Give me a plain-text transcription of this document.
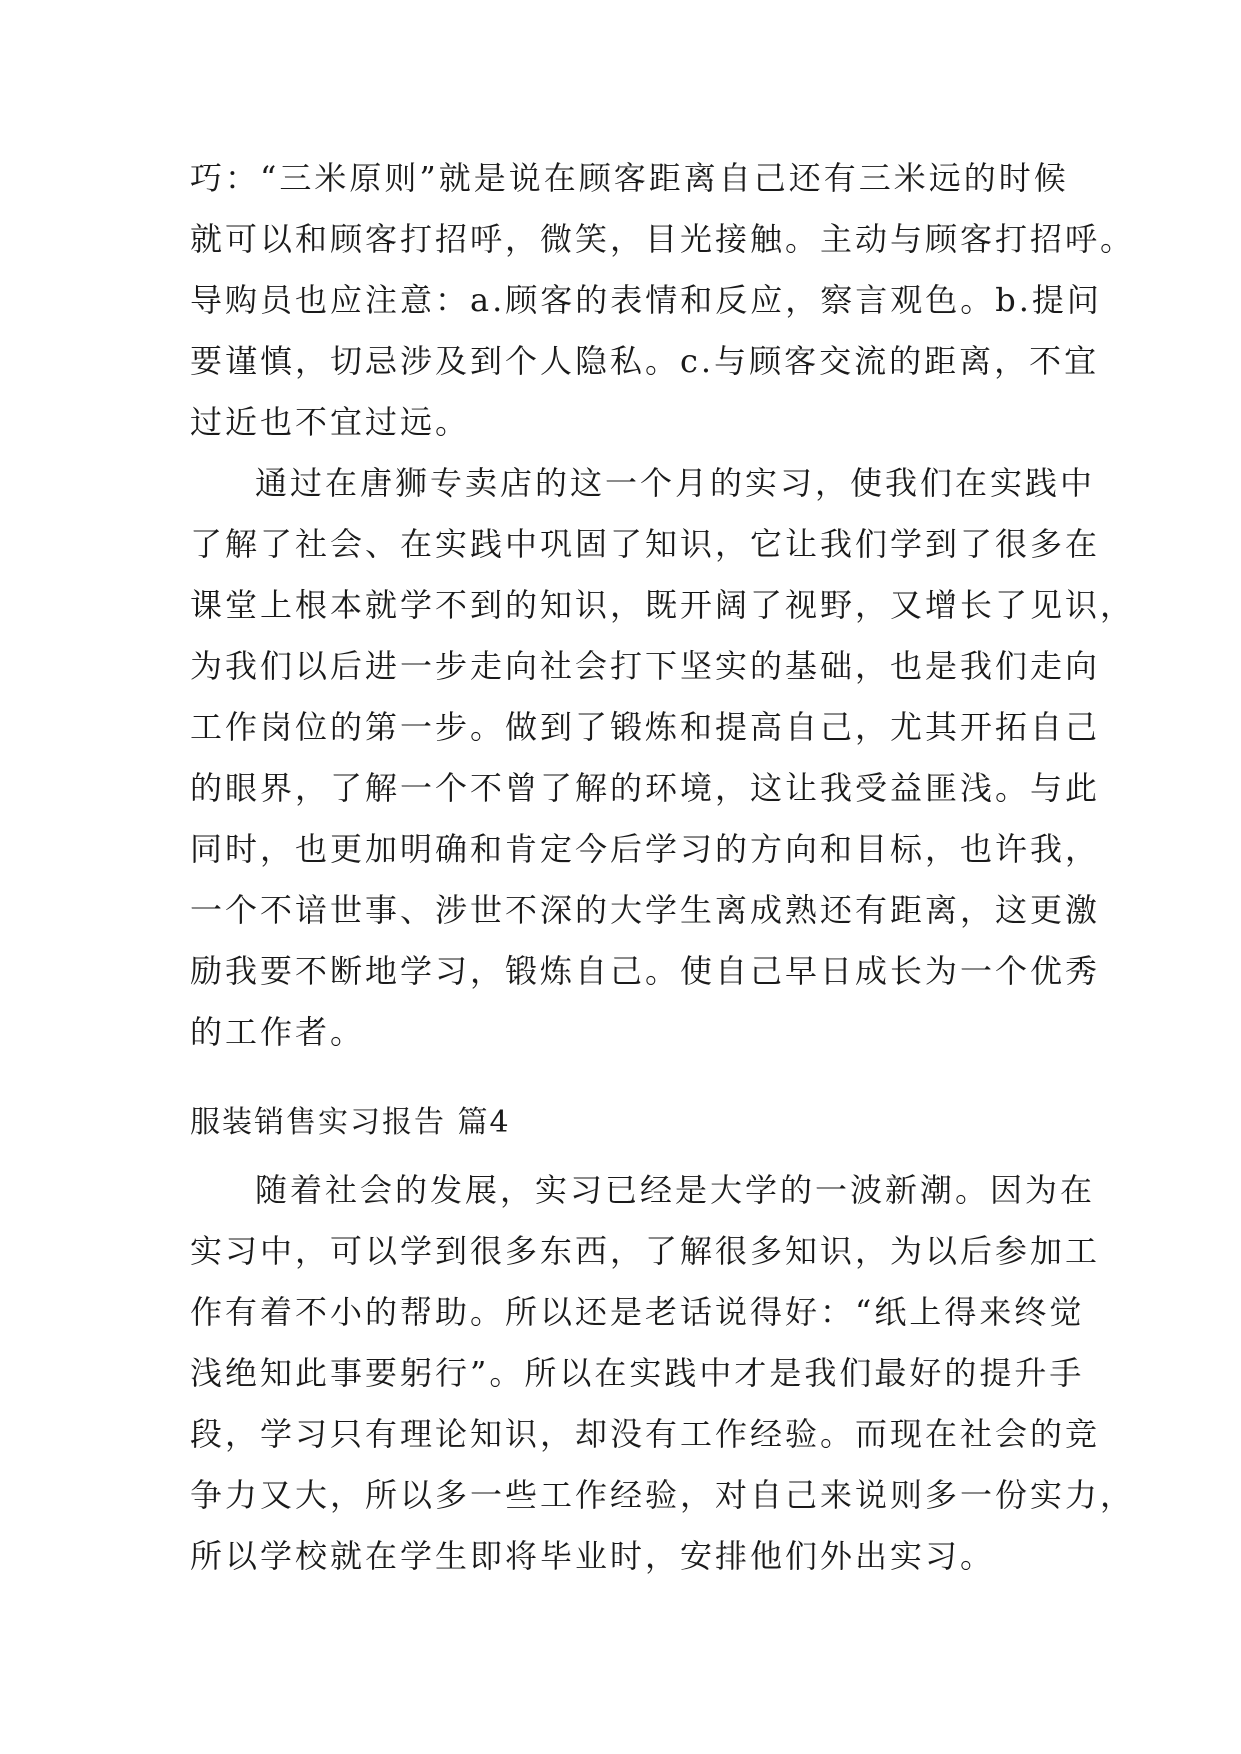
巧：“三米原则”就是说在顾客距离自己还有三米远的时候
就可以和顾客打招呼，微笑，目光接触。主动与顾客打招呼。
导购员也应注意：a.顾客的表情和反应，察言观色。b.提问
要谨慎，切忌涉及到个人隐私。c.与顾客交流的距离，不宜
过近也不宜过远。
通过在唐狮专卖店的这一个月的实习，使我们在实践中
了解了社会、在实践中巩固了知识，它让我们学到了很多在
课堂上根本就学不到的知识，既开阔了视野，又增长了见识，
为我们以后进一步走向社会打下坚实的基础，也是我们走向
工作岗位的第一步。做到了锻炼和提高自己，尤其开拓自己
的眼界，了解一个不曾了解的环境，这让我受益匪浅。与此
同时，也更加明确和肯定今后学习的方向和目标，也许我，
一个不谙世事、涉世不深的大学生离成熟还有距离，这更激
励我要不断地学习，锻炼自己。使自己早日成长为一个优秀
的工作者。
服装销售实习报告 篇4
随着社会的发展，实习已经是大学的一波新潮。因为在
实习中，可以学到很多东西，了解很多知识，为以后参加工
作有着不小的帮助。所以还是老话说得好：“纸上得来终觉
浅绝知此事要躬行”。所以在实践中才是我们最好的提升手
段，学习只有理论知识，却没有工作经验。而现在社会的竞
争力又大，所以多一些工作经验，对自己来说则多一份实力，
所以学校就在学生即将毕业时，安排他们外出实习。
